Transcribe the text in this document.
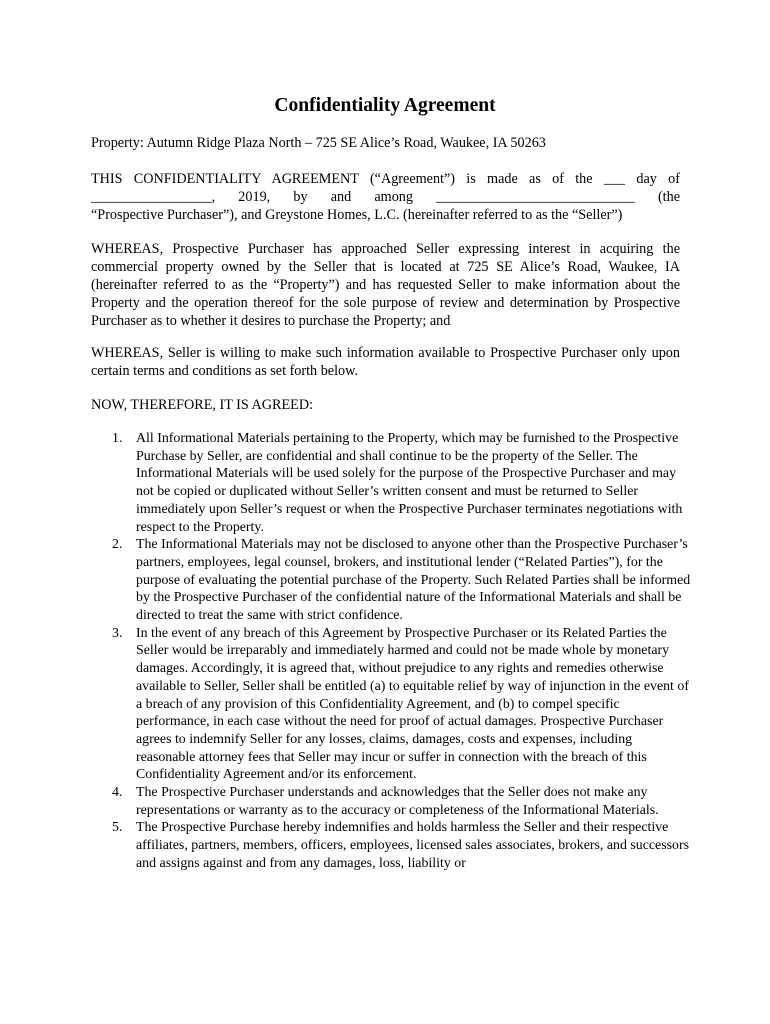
Confidentiality Agreement

Property: Autumn Ridge Plaza North – 725 SE Alice’s Road, Waukee, IA 50263

THIS CONFIDENTIALITY AGREEMENT (“Agreement”) is made as of the ___ day of
_________________, 2019, by and among ____________________________ (the
“Prospective Purchaser”), and Greystone Homes, L.C. (hereinafter referred to as the “Seller”)

WHEREAS, Prospective Purchaser has approached Seller expressing interest in acquiring the commercial property owned by the Seller that is located at 725 SE Alice’s Road, Waukee, IA (hereinafter referred to as the “Property”) and has requested Seller to make information about the Property and the operation thereof for the sole purpose of review and determination by Prospective Purchaser as to whether it desires to purchase the Property; and

WHEREAS, Seller is willing to make such information available to Prospective Purchaser only upon certain terms and conditions as set forth below.

NOW, THEREFORE, IT IS AGREED:

1. All Informational Materials pertaining to the Property, which may be furnished to the Prospective Purchase by Seller, are confidential and shall continue to be the property of the Seller. The Informational Materials will be used solely for the purpose of the Prospective Purchaser and may not be copied or duplicated without Seller’s written consent and must be returned to Seller immediately upon Seller’s request or when the Prospective Purchaser terminates negotiations with respect to the Property.
2. The Informational Materials may not be disclosed to anyone other than the Prospective Purchaser’s partners, employees, legal counsel, brokers, and institutional lender (“Related Parties”), for the purpose of evaluating the potential purchase of the Property. Such Related Parties shall be informed by the Prospective Purchaser of the confidential nature of the Informational Materials and shall be directed to treat the same with strict confidence.
3. In the event of any breach of this Agreement by Prospective Purchaser or its Related Parties the Seller would be irreparably and immediately harmed and could not be made whole by monetary damages. Accordingly, it is agreed that, without prejudice to any rights and remedies otherwise available to Seller, Seller shall be entitled (a) to equitable relief by way of injunction in the event of a breach of any provision of this Confidentiality Agreement, and (b) to compel specific performance, in each case without the need for proof of actual damages. Prospective Purchaser agrees to indemnify Seller for any losses, claims, damages, costs and expenses, including reasonable attorney fees that Seller may incur or suffer in connection with the breach of this Confidentiality Agreement and/or its enforcement.
4. The Prospective Purchaser understands and acknowledges that the Seller does not make any representations or warranty as to the accuracy or completeness of the Informational Materials.
5. The Prospective Purchase hereby indemnifies and holds harmless the Seller and their respective affiliates, partners, members, officers, employees, licensed sales associates, brokers, and successors and assigns against and from any damages, loss, liability or
